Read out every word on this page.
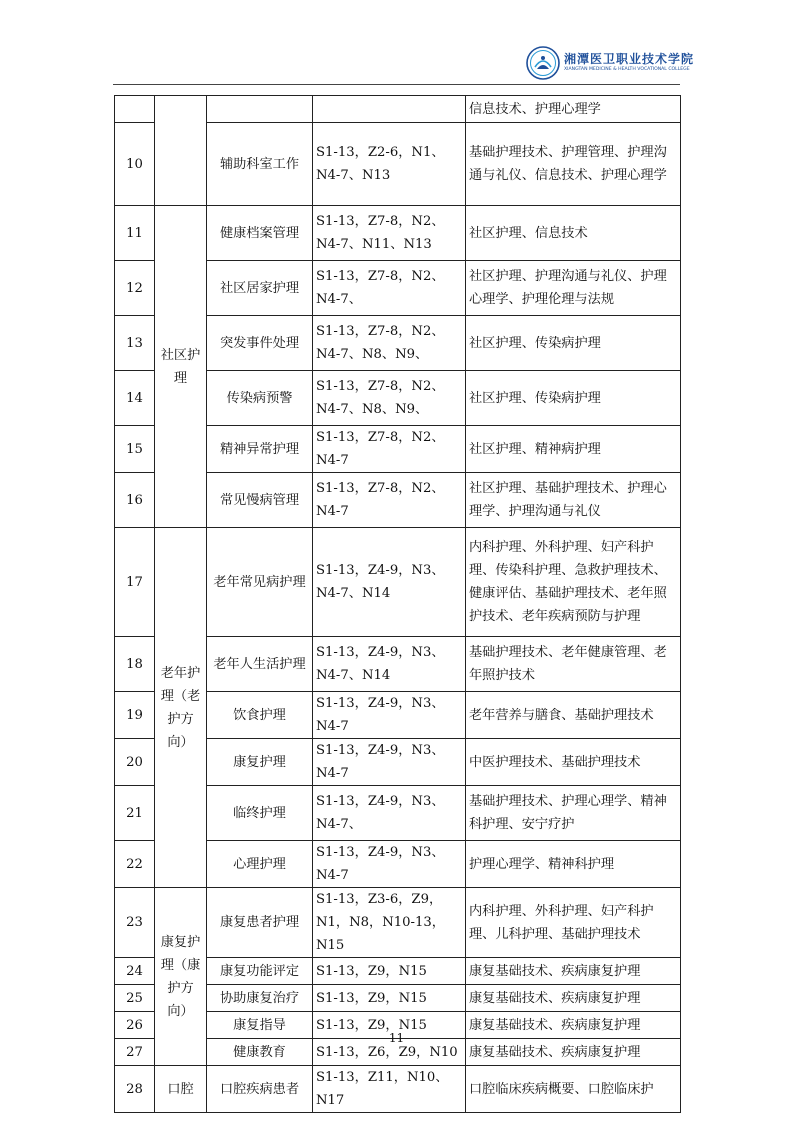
湘潭医卫职业技术学院
XIANGTAN MEDICINE & HEALTH VOCATIONAL COLLEGE
				信息技术、护理心理学
10		辅助科室工作	S1-13，Z2-6，N1、N4-7、N13	基础护理技术、护理管理、护理沟通与礼仪、信息技术、护理心理学
11	社区护理	健康档案管理	S1-13，Z7-8，N2、N4-7、N11、N13	社区护理、信息技术
12		社区居家护理	S1-13，Z7-8，N2、N4-7、	社区护理、护理沟通与礼仪、护理心理学、护理伦理与法规
13		突发事件处理	S1-13，Z7-8，N2、N4-7、N8、N9、	社区护理、传染病护理
14		传染病预警	S1-13，Z7-8，N2、N4-7、N8、N9、	社区护理、传染病护理
15		精神异常护理	S1-13，Z7-8，N2、N4-7	社区护理、精神病护理
16		常见慢病管理	S1-13，Z7-8，N2、N4-7	社区护理、基础护理技术、护理心理学、护理沟通与礼仪
17	老年护理（老护方向）	老年常见病护理	S1-13，Z4-9，N3、N4-7、N14	内科护理、外科护理、妇产科护理、传染科护理、急救护理技术、健康评估、基础护理技术、老年照护技术、老年疾病预防与护理
18		老年人生活护理	S1-13，Z4-9，N3、N4-7、N14	基础护理技术、老年健康管理、老年照护技术
19		饮食护理	S1-13，Z4-9，N3、N4-7	老年营养与膳食、基础护理技术
20		康复护理	S1-13，Z4-9，N3、N4-7	中医护理技术、基础护理技术
21		临终护理	S1-13，Z4-9，N3、N4-7、	基础护理技术、护理心理学、精神科护理、安宁疗护
22		心理护理	S1-13，Z4-9，N3、N4-7	护理心理学、精神科护理
23	康复护理（康护方向）	康复患者护理	S1-13，Z3-6，Z9，N1，N8，N10-13，N15	内科护理、外科护理、妇产科护理、儿科护理、基础护理技术
24		康复功能评定	S1-13，Z9，N15	康复基础技术、疾病康复护理
25		协助康复治疗	S1-13，Z9，N15	康复基础技术、疾病康复护理
26		康复指导	S1-13，Z9，N15	康复基础技术、疾病康复护理
27		健康教育	S1-13，Z6，Z9，N10	康复基础技术、疾病康复护理
28	口腔	口腔疾病患者	S1-13，Z11，N10、N17	口腔临床疾病概要、口腔临床护
11
